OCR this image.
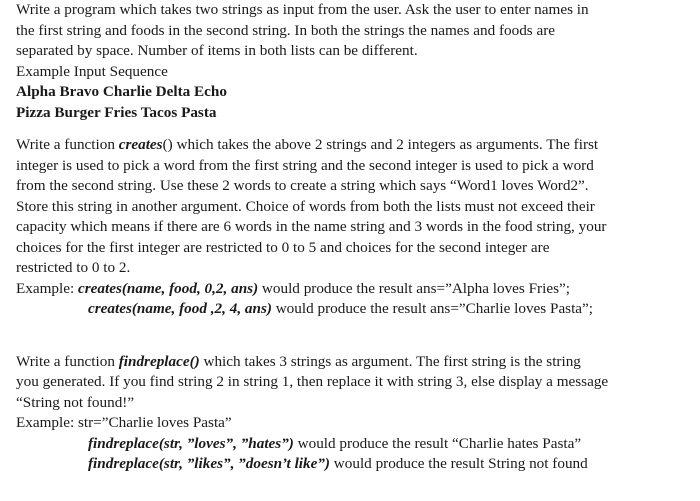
Write a program which takes two strings as input from the user. Ask the user to enter names in
the first string and foods in the second string. In both the strings the names and foods are
separated by space. Number of items in both lists can be different.
Example Input Sequence
Alpha Bravo Charlie Delta Echo
Pizza Burger Fries Tacos Pasta
Write a function creates() which takes the above 2 strings and 2 integers as arguments. The first
integer is used to pick a word from the first string and the second integer is used to pick a word
from the second string. Use these 2 words to create a string which says “Word1 loves Word2”.
Store this string in another argument. Choice of words from both the lists must not exceed their
capacity which means if there are 6 words in the name string and 3 words in the food string, your
choices for the first integer are restricted to 0 to 5 and choices for the second integer are
restricted to 0 to 2.
Example: creates(name, food, 0,2, ans) would produce the result ans=”Alpha loves Fries”;
creates(name, food ,2, 4, ans) would produce the result ans=”Charlie loves Pasta”;
Write a function findreplace() which takes 3 strings as argument. The first string is the string
you generated. If you find string 2 in string 1, then replace it with string 3, else display a message
“String not found!”
Example: str=”Charlie loves Pasta”
findreplace(str, ”loves”, ”hates”) would produce the result “Charlie hates Pasta”
findreplace(str, ”likes”, ”doesn’t like”) would produce the result String not found
